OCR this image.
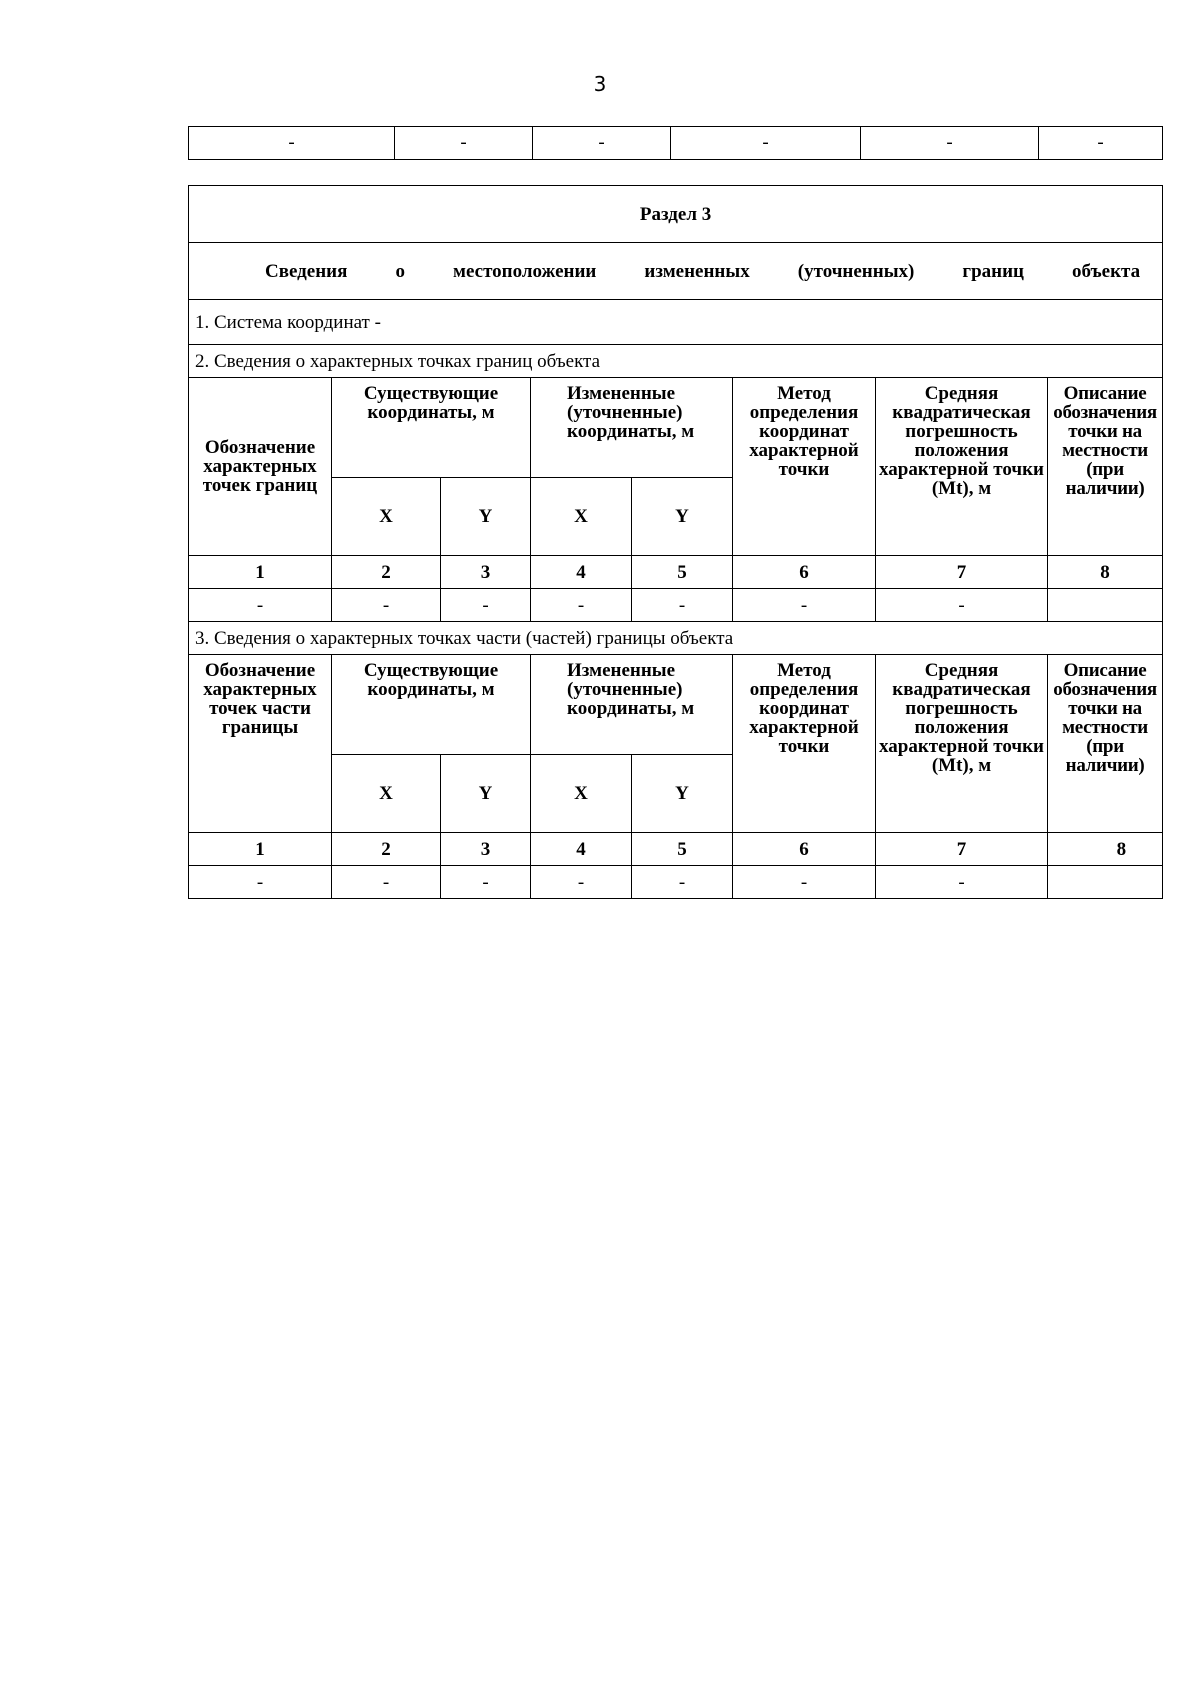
3
-	-	-	-	-	-
Раздел 3							
Сведения о местоположении измененных (уточненных) границ объекта							
1. Система координат -							
2. Сведения о характерных точках границ объекта							
Обозначение характерных точек границ	Существующие координаты, м		Измененные (уточненные) координаты, м		Метод определения координат характерной точки	Средняя квадратическая погрешность положения характерной точки (Mt), м	Описание обозначения точки на местности (при наличии)
	X	Y	X	Y			
1	2	3	4	5	6	7	8
-	-	-	-	-	-	-	
3. Сведения о характерных точках части (частей) границы объекта							
Обозначение характерных точек части границы	Существующие координаты, м		Измененные (уточненные) координаты, м		Метод определения координат характерной точки	Средняя квадратическая погрешность положения характерной точки (Mt), м	Описание обозначения точки на местности (при наличии)
	X	Y	X	Y			
1	2	3	4	5	6	7	8
-	-	-	-	-	-	-	
